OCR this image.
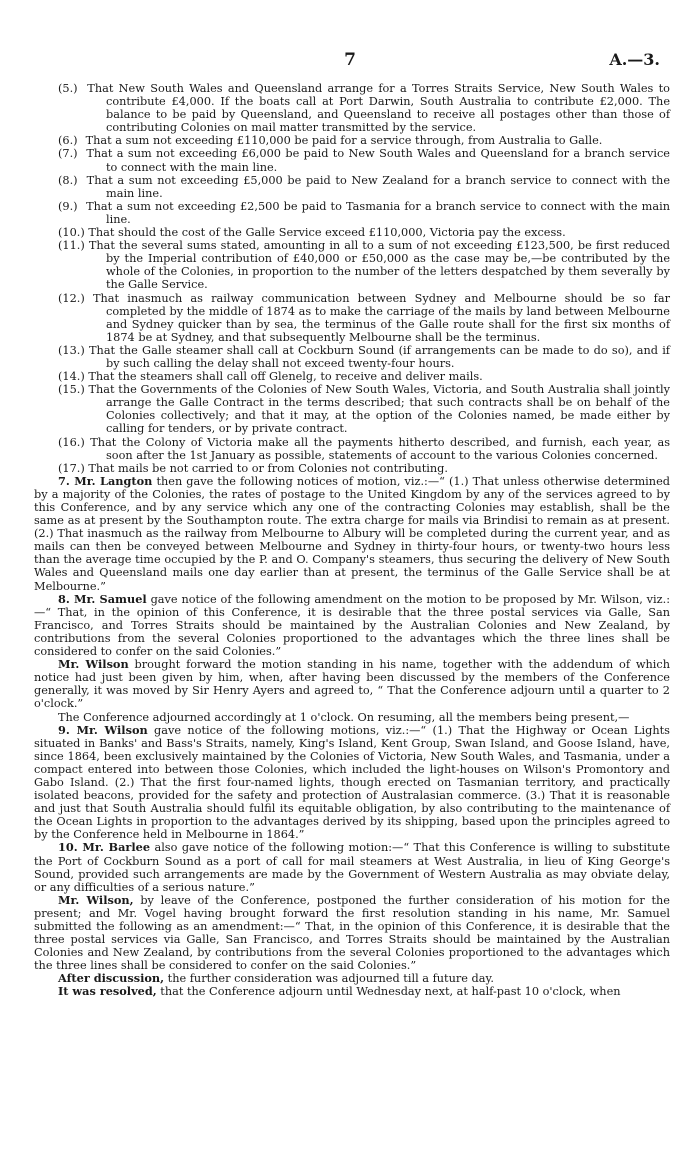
7	A.—3.

(5.) That New South Wales and Queensland arrange for a Torres Straits Service, New South Wales to contribute £4,000. If the boats call at Port Darwin, South Australia to contribute £2,000. The balance to be paid by Queensland, and Queensland to receive all postages other than those of contributing Colonies on mail matter transmitted by the service.

(6.) That a sum not exceeding £110,000 be paid for a service through, from Australia to Galle.

(7.) That a sum not exceeding £6,000 be paid to New South Wales and Queensland for a branch service to connect with the main line.

(8.) That a sum not exceeding £5,000 be paid to New Zealand for a branch service to connect with the main line.

(9.) That a sum not exceeding £2,500 be paid to Tasmania for a branch service to connect with the main line.

(10.) That should the cost of the Galle Service exceed £110,000, Victoria pay the excess.

(11.) That the several sums stated, amounting in all to a sum of not exceeding £123,500, be first reduced by the Imperial contribution of £40,000 or £50,000 as the case may be,—be contributed by the whole of the Colonies, in proportion to the number of the letters despatched by them severally by the Galle Service.

(12.) That inasmuch as railway communication between Sydney and Melbourne should be so far completed by the middle of 1874 as to make the carriage of the mails by land between Melbourne and Sydney quicker than by sea, the terminus of the Galle route shall for the first six months of 1874 be at Sydney, and that subsequently Melbourne shall be the terminus.

(13.) That the Galle steamer shall call at Cockburn Sound (if arrangements can be made to do so), and if by such calling the delay shall not exceed twenty-four hours.

(14.) That the steamers shall call off Glenelg, to receive and deliver mails.

(15.) That the Governments of the Colonies of New South Wales, Victoria, and South Australia shall jointly arrange the Galle Contract in the terms described; that such contracts shall be on behalf of the Colonies collectively; and that it may, at the option of the Colonies named, be made either by calling for tenders, or by private contract.

(16.) That the Colony of Victoria make all the payments hitherto described, and furnish, each year, as soon after the 1st January as possible, statements of account to the various Colonies concerned.

(17.) That mails be not carried to or from Colonies not contributing.

7. Mr. Langton then gave the following notices of motion, viz.:—“ (1.) That unless otherwise determined by a majority of the Colonies, the rates of postage to the United Kingdom by any of the services agreed to by this Conference, and by any service which any one of the contracting Colonies may establish, shall be the same as at present by the Southampton route. The extra charge for mails via Brindisi to remain as at present. (2.) That inasmuch as the railway from Melbourne to Albury will be completed during the current year, and as mails can then be conveyed between Melbourne and Sydney in thirty-four hours, or twenty-two hours less than the average time occupied by the P. and O. Company's steamers, thus securing the delivery of New South Wales and Queensland mails one day earlier than at present, the terminus of the Galle Service shall be at Melbourne.”

8. Mr. Samuel gave notice of the following amendment on the motion to be proposed by Mr. Wilson, viz.:—“ That, in the opinion of this Conference, it is desirable that the three postal services via Galle, San Francisco, and Torres Straits should be maintained by the Australian Colonies and New Zealand, by contributions from the several Colonies proportioned to the advantages which the three lines shall be considered to confer on the said Colonies.”

Mr. Wilson brought forward the motion standing in his name, together with the addendum of which notice had just been given by him, when, after having been discussed by the members of the Conference generally, it was moved by Sir Henry Ayers and agreed to, “ That the Conference adjourn until a quarter to 2 o'clock.”

The Conference adjourned accordingly at 1 o'clock. On resuming, all the members being present,—

9. Mr. Wilson gave notice of the following motions, viz.:—“ (1.) That the Highway or Ocean Lights situated in Banks' and Bass's Straits, namely, King's Island, Kent Group, Swan Island, and Goose Island, have, since 1864, been exclusively maintained by the Colonies of Victoria, New South Wales, and Tasmania, under a compact entered into between those Colonies, which included the light-houses on Wilson's Promontory and Gabo Island. (2.) That the first four-named lights, though erected on Tasmanian territory, and practically isolated beacons, provided for the safety and protection of Australasian commerce. (3.) That it is reasonable and just that South Australia should fulfil its equitable obligation, by also contributing to the maintenance of the Ocean Lights in proportion to the advantages derived by its shipping, based upon the principles agreed to by the Conference held in Melbourne in 1864.”

10. Mr. Barlee also gave notice of the following motion:—“ That this Conference is willing to substitute the Port of Cockburn Sound as a port of call for mail steamers at West Australia, in lieu of King George's Sound, provided such arrangements are made by the Government of Western Australia as may obviate delay, or any difficulties of a serious nature.”

Mr. Wilson, by leave of the Conference, postponed the further consideration of his motion for the present; and Mr. Vogel having brought forward the first resolution standing in his name, Mr. Samuel submitted the following as an amendment:—“ That, in the opinion of this Conference, it is desirable that the three postal services via Galle, San Francisco, and Torres Straits should be maintained by the Australian Colonies and New Zealand, by contributions from the several Colonies proportioned to the advantages which the three lines shall be considered to confer on the said Colonies.”

After discussion, the further consideration was adjourned till a future day.

It was resolved, that the Conference adjourn until Wednesday next, at half-past 10 o'clock, when
